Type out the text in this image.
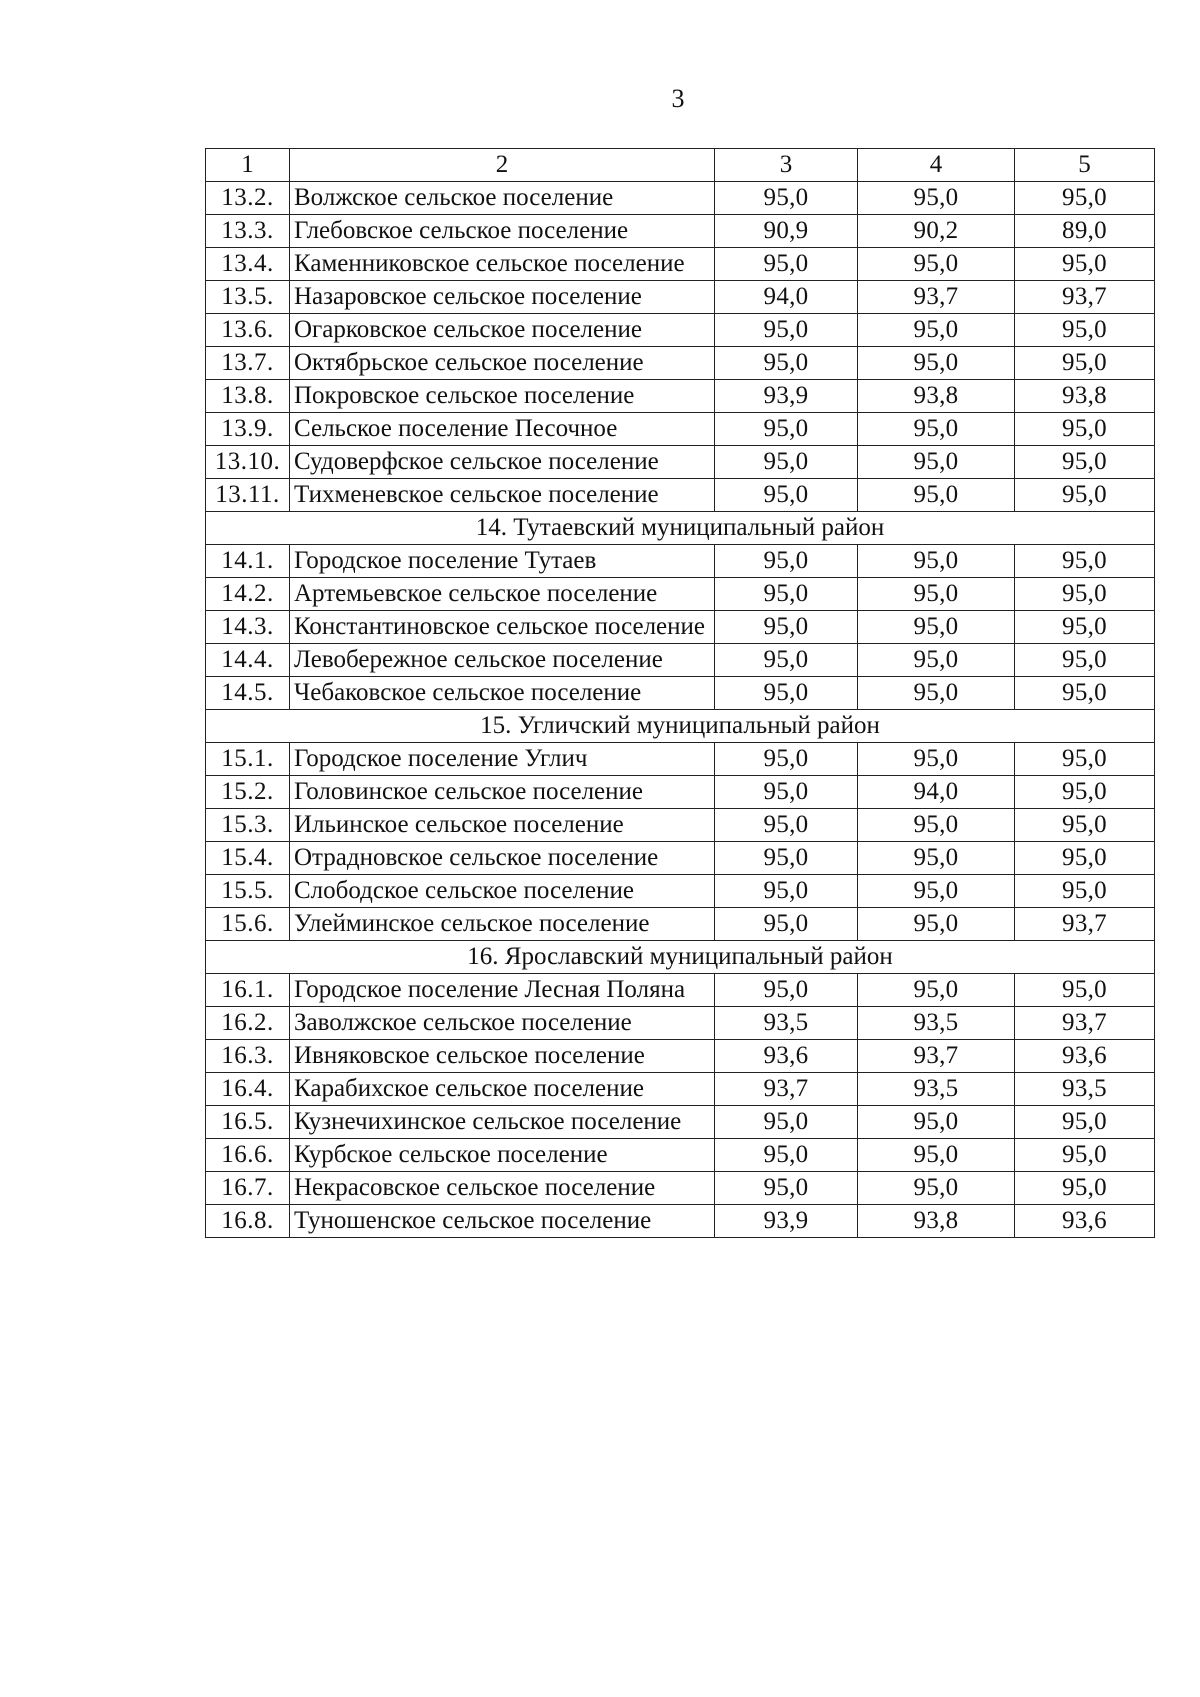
3
1	2	3	4	5
13.2.	Волжское сельское поселение	95,0	95,0	95,0
13.3.	Глебовское сельское поселение	90,9	90,2	89,0
13.4.	Каменниковское сельское поселение	95,0	95,0	95,0
13.5.	Назаровское сельское поселение	94,0	93,7	93,7
13.6.	Огарковское сельское поселение	95,0	95,0	95,0
13.7.	Октябрьское сельское поселение	95,0	95,0	95,0
13.8.	Покровское сельское поселение	93,9	93,8	93,8
13.9.	Сельское поселение Песочное	95,0	95,0	95,0
13.10.	Судоверфское сельское поселение	95,0	95,0	95,0
13.11.	Тихменевское сельское поселение	95,0	95,0	95,0
14. Тутаевский муниципальный район				
14.1.	Городское поселение Тутаев	95,0	95,0	95,0
14.2.	Артемьевское сельское поселение	95,0	95,0	95,0
14.3.	Константиновское сельское поселение	95,0	95,0	95,0
14.4.	Левобережное сельское поселение	95,0	95,0	95,0
14.5.	Чебаковское сельское поселение	95,0	95,0	95,0
15. Угличский муниципальный район				
15.1.	Городское поселение Углич	95,0	95,0	95,0
15.2.	Головинское сельское поселение	95,0	94,0	95,0
15.3.	Ильинское сельское поселение	95,0	95,0	95,0
15.4.	Отрадновское сельское поселение	95,0	95,0	95,0
15.5.	Слободское сельское поселение	95,0	95,0	95,0
15.6.	Улейминское сельское поселение	95,0	95,0	93,7
16. Ярославский муниципальный район				
16.1.	Городское поселение Лесная Поляна	95,0	95,0	95,0
16.2.	Заволжское сельское поселение	93,5	93,5	93,7
16.3.	Ивняковское сельское поселение	93,6	93,7	93,6
16.4.	Карабихское сельское поселение	93,7	93,5	93,5
16.5.	Кузнечихинское сельское поселение	95,0	95,0	95,0
16.6.	Курбское сельское поселение	95,0	95,0	95,0
16.7.	Некрасовское сельское поселение	95,0	95,0	95,0
16.8.	Туношенское сельское поселение	93,9	93,8	93,6
